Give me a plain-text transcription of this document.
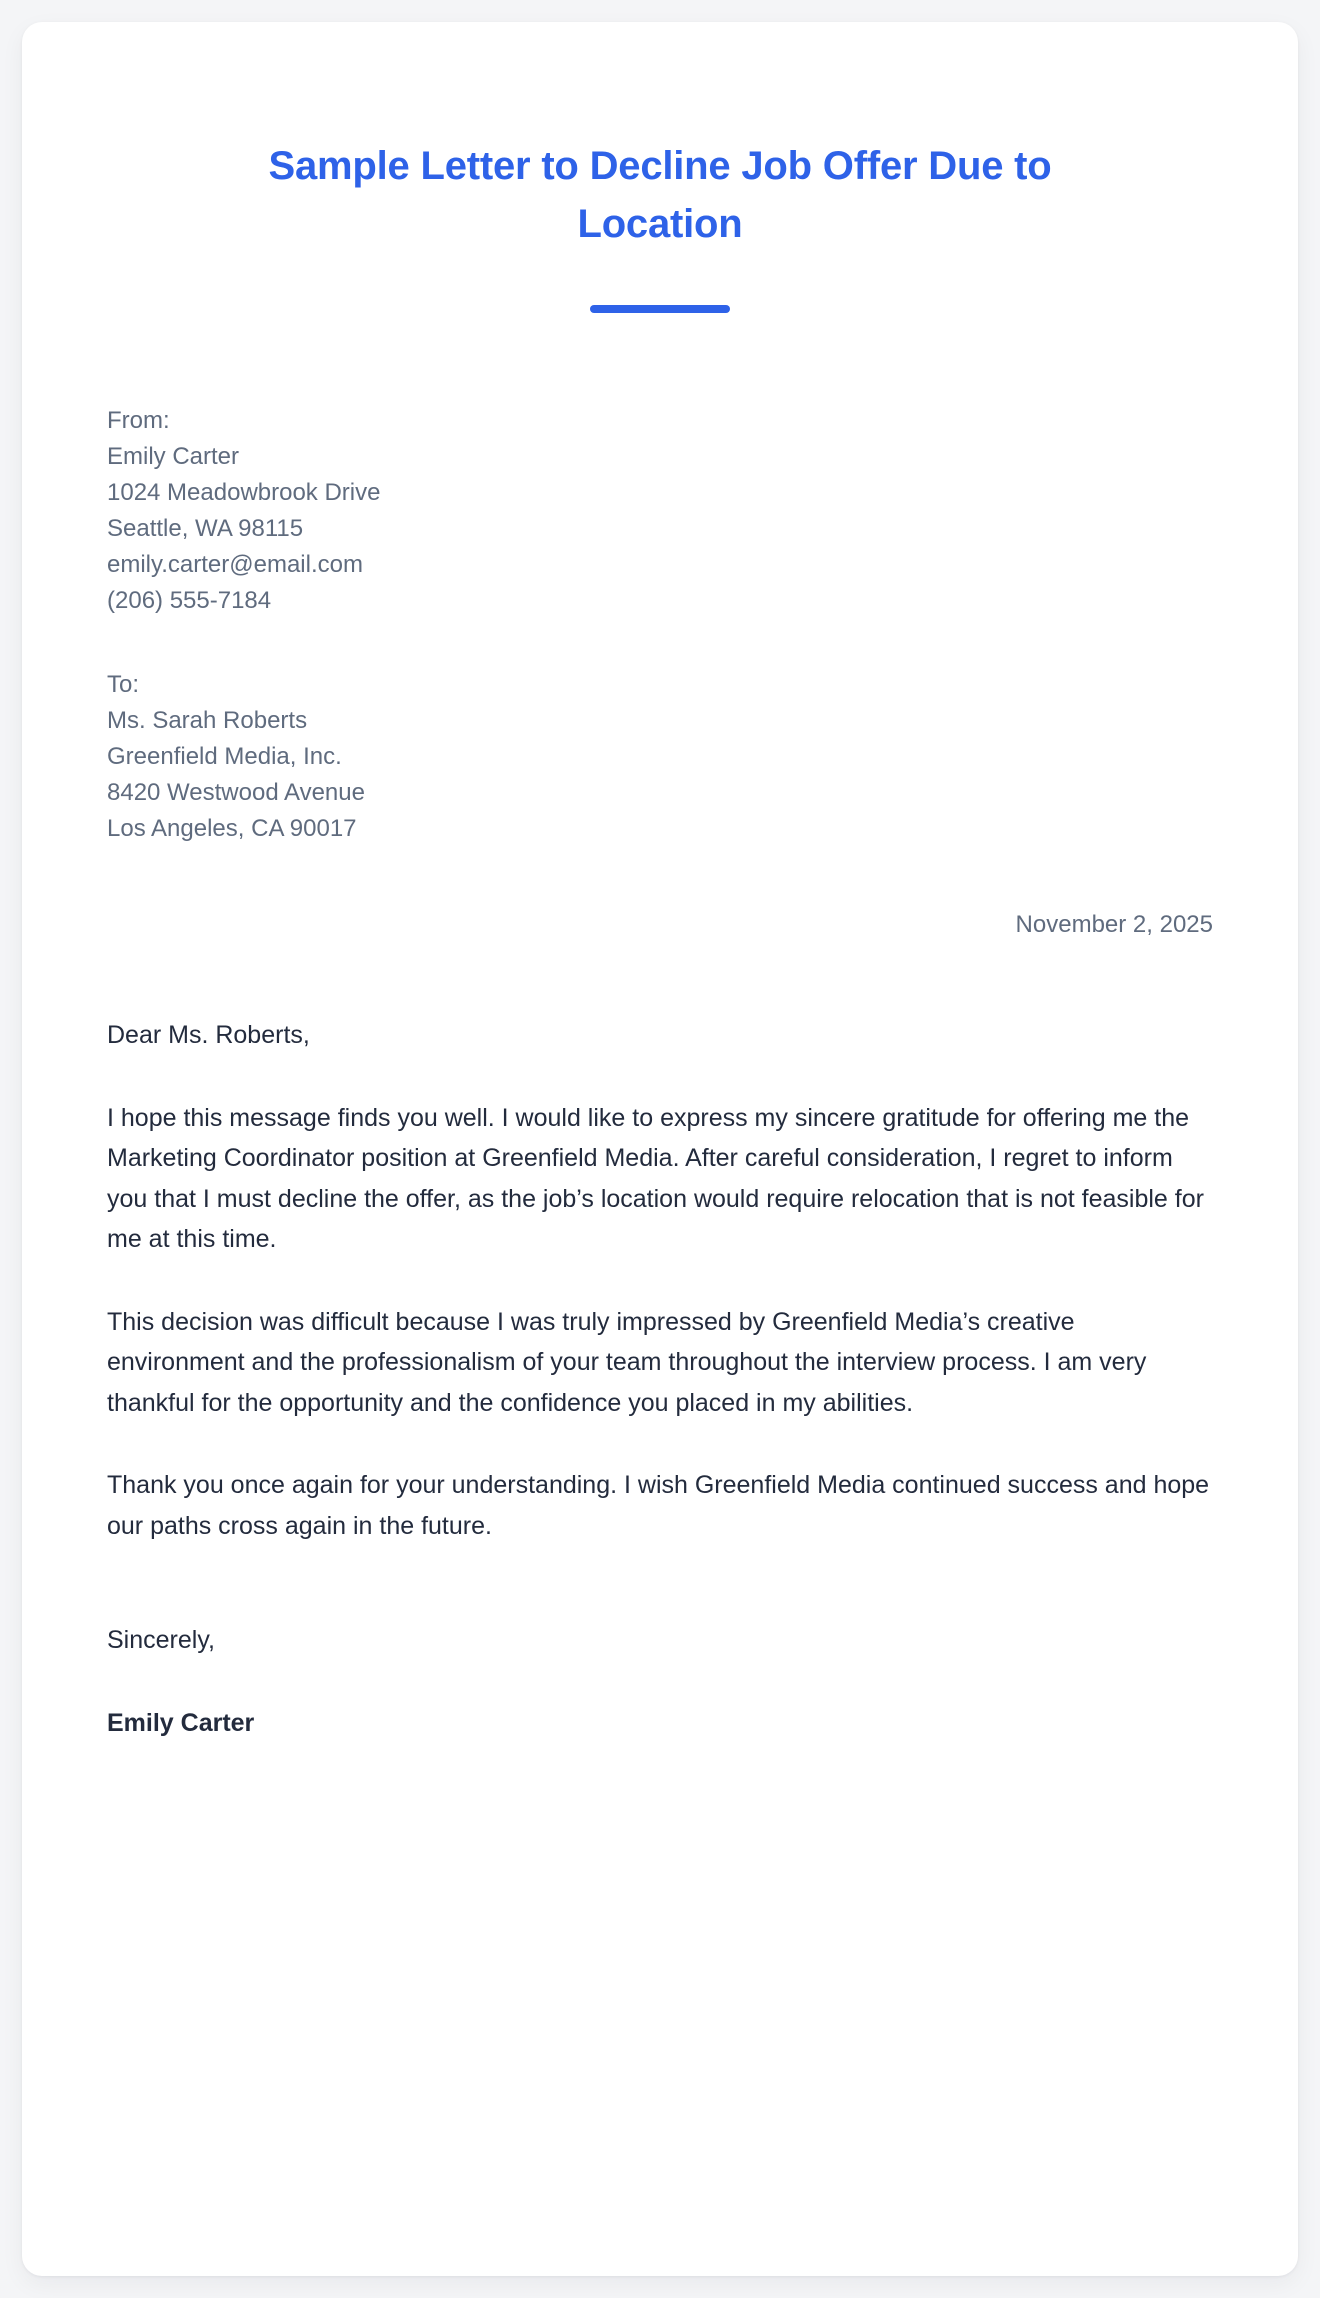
Sample Letter to Decline Job Offer Due to Location
From:
Emily Carter
1024 Meadowbrook Drive
Seattle, WA 98115
emily.carter@email.com
(206) 555-7184
To:
Ms. Sarah Roberts
Greenfield Media, Inc.
8420 Westwood Avenue
Los Angeles, CA 90017
November 2, 2025

Dear Ms. Roberts,

I hope this message finds you well. I would like to express my sincere gratitude for offering me the Marketing Coordinator position at Greenfield Media. After careful consideration, I regret to inform you that I must decline the offer, as the job’s location would require relocation that is not feasible for me at this time.

This decision was difficult because I was truly impressed by Greenfield Media’s creative environment and the professionalism of your team throughout the interview process. I am very thankful for the opportunity and the confidence you placed in my abilities.

Thank you once again for your understanding. I wish Greenfield Media continued success and hope our paths cross again in the future.

Sincerely,

Emily Carter
